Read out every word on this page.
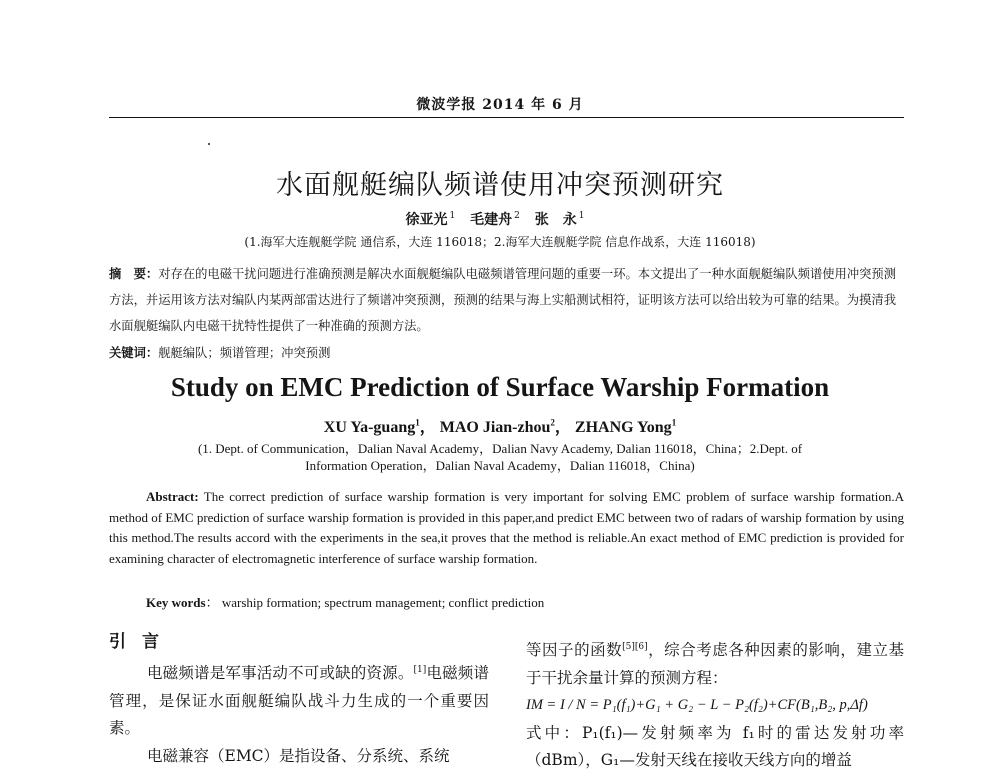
微波学报 2014 年 6 月
水面舰艇编队频谱使用冲突预测研究
徐亚光 $^1$ 毛建舟 $^2$ 张　永 $^1$
(1.海军大连舰艇学院 通信系，大连 116018；2.海军大连舰艇学院 信息作战系，大连 116018)
摘　要：对存在的电磁干扰问题进行准确预测是解决水面舰艇编队电磁频谱管理问题的重要一环。本文提出了一种水面舰艇编队频谱使用冲突预测方法，并运用该方法对编队内某两部雷达进行了频谱冲突预测，预测的结果与海上实船测试相符，证明该方法可以给出较为可靠的结果。为摸清我水面舰艇编队内电磁干扰特性提供了一种准确的预测方法。
关键词：舰艇编队；频谱管理；冲突预测
Study on EMC Prediction of Surface Warship Formation
XU Ya-guang$^1$， MAO Jian-zhou$^2$， ZHANG Yong$^1$
(1. Dept. of Communication，Dalian Naval Academy，Dalian Navy Academy, Dalian 116018，China；2.Dept. of
Information Operation，Dalian Naval Academy，Dalian 116018，China)
Abstract: The correct prediction of surface warship formation is very important for solving EMC problem of surface warship formation.A method of EMC prediction of surface warship formation is provided in this paper,and predict EMC between two of radars of warship formation by using this method.The results accord with the experiments in the sea,it proves that the method is reliable.An exact method of EMC prediction is provided for examining character of electromagnetic interference of surface warship formation.
Key words： warship formation; spectrum management; conflict prediction
引言

电磁频谱是军事活动不可或缺的资源。[1]电磁频谱管理，是保证水面舰艇编队战斗力生成的一个重要因素。

电磁兼容（EMC）是指设备、分系统、系统

等因子的函数[5][6]，综合考虑各种因素的影响，建立基于干扰余量计算的预测方程：

IM = I / N = P₁(f₁)+G₁ + G₂ − L − P₂(f₂)+CF(B₁,B₂, p,Δf)

式中：P₁(f₁)—发射频率为 f₁时的雷达发射功率（dBm），G₁—发射天线在接收天线方向的增益
